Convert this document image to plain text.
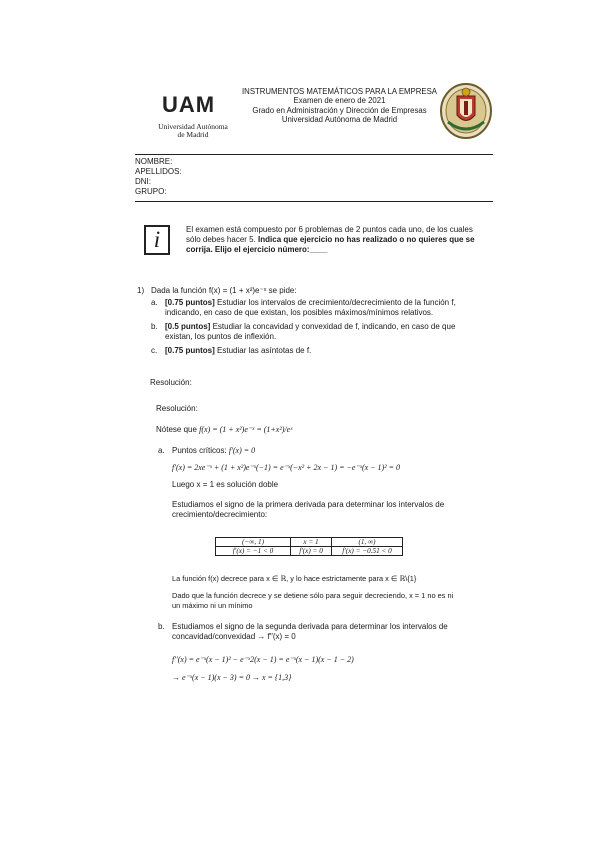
UAM
Universidad Autónoma
de Madrid
INSTRUMENTOS MATEMÁTICOS PARA LA EMPRESA
Examen de enero de 2021
Grado en Administración y Dirección de Empresas
Universidad Autónoma de Madrid
NOMBRE:
APELLIDOS:
DNI:
GRUPO:
i	El examen está compuesto por 6 problemas de 2 puntos cada uno, de los cuales
sólo debes hacer 5. Indica que ejercicio no has realizado o no quieres que se
corrija. Elijo el ejercicio número:____
1) Dada la función f(x) = (1 + x²)e⁻ˣ se pide:
a. [0.75 puntos] Estudiar los intervalos de crecimiento/decrecimiento de la función f,
indicando, en caso de que existan, los posibles máximos/mínimos relativos.
b. [0.5 puntos] Estudiar la concavidad y convexidad de f, indicando, en caso de que
existan, los puntos de inflexión.
c. [0.75 puntos] Estudiar las asíntotas de f.
Resolución:
Resolución:
Nótese que f(x) = (1 + x²)e⁻ˣ = (1+x²)/eˣ
a. Puntos críticos: f′(x) = 0
f′(x) = 2xe⁻ˣ + (1 + x²)e⁻ˣ(−1) = e⁻ˣ(−x² + 2x − 1) = −e⁻ˣ(x − 1)² = 0
Luego x = 1 es solución doble
Estudiamos el signo de la primera derivada para determinar los intervalos de
crecimiento/decrecimiento:
(−∞, 1)	x = 1	(1, ∞)
f′(x) = −1 < 0	f′(x) = 0	f′(x) = −0.51 < 0
La función f(x) decrece para x ∈ ℝ, y lo hace estrictamente para x ∈ ℝ\{1}
Dado que la función decrece y se detiene sólo para seguir decreciendo, x = 1 no es ni
un máximo ni un mínimo
b. Estudiamos el signo de la segunda derivada para determinar los intervalos de
concavidad/convexidad → f′′(x) = 0
f′′(x) = e⁻ˣ(x − 1)² − e⁻ˣ2(x − 1) = e⁻ˣ(x − 1)(x − 1 − 2)
→ e⁻ˣ(x − 1)(x − 3) = 0 → x = {1,3}
